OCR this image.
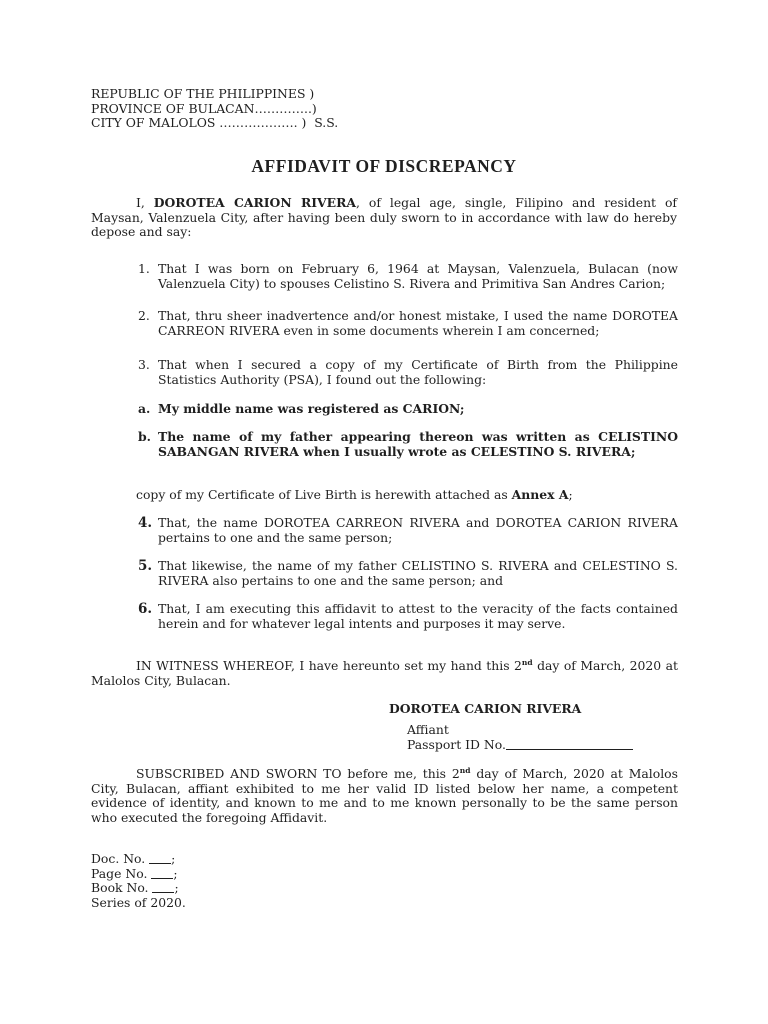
REPUBLIC OF THE PHILIPPINES )
PROVINCE OF BULACAN…………..)
CITY OF MALOLOS ………………. )  S.S.
AFFIDAVIT OF DISCREPANCY
I, DOROTEA CARION RIVERA, of legal age, single, Filipino and resident of Maysan, Valenzuela City, after having been duly sworn to in accordance with law do hereby depose and say:
1. That I was born on February 6, 1964 at Maysan, Valenzuela, Bulacan (now Valenzuela City) to spouses Celistino S. Rivera and Primitiva San Andres Carion;
2. That, thru sheer inadvertence and/or honest mistake, I used the name DOROTEA CARREON RIVERA even in some documents wherein I am concerned;
3. That when I secured a copy of my Certificate of Birth from the Philippine Statistics Authority (PSA), I found out the following:
a. My middle name was registered as CARION;
b. The name of my father appearing thereon was written as CELISTINO SABANGAN RIVERA when I usually wrote as CELESTINO S. RIVERA;
copy of my Certificate of Live Birth is herewith attached as Annex A;
4. That, the name DOROTEA CARREON RIVERA and DOROTEA CARION RIVERA pertains to one and the same person;
5. That likewise, the name of my father CELISTINO S. RIVERA and CELESTINO S. RIVERA also pertains to one and the same person; and
6. That, I am executing this affidavit to attest to the veracity of the facts contained herein and for whatever legal intents and purposes it may serve.
IN WITNESS WHEREOF, I have hereunto set my hand this 2nd day of March, 2020 at Malolos City, Bulacan.
DOROTEA CARION RIVERA
Affiant
Passport ID No.
SUBSCRIBED AND SWORN TO before me, this 2nd day of March, 2020 at Malolos City, Bulacan, affiant exhibited to me her valid ID listed below her name, a competent evidence of identity, and known to me and to me known personally to be the same person who executed the foregoing Affidavit.
Doc. No. ;
Page No. ;
Book No. ;
Series of 2020.
